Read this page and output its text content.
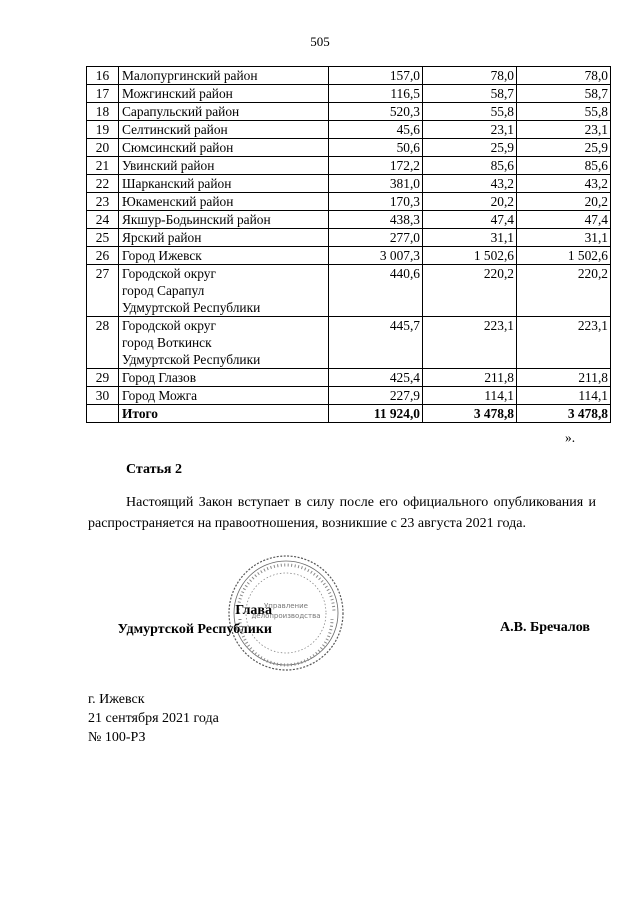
505
16	Малопургинский район	157,0	78,0	78,0
17	Можгинский район	116,5	58,7	58,7
18	Сарапульский район	520,3	55,8	55,8
19	Селтинский район	45,6	23,1	23,1
20	Сюмсинский район	50,6	25,9	25,9
21	Увинский район	172,2	85,6	85,6
22	Шарканский район	381,0	43,2	43,2
23	Юкаменский район	170,3	20,2	20,2
24	Якшур-Бодьинский район	438,3	47,4	47,4
25	Ярский район	277,0	31,1	31,1
26	Город Ижевск	3 007,3	1 502,6	1 502,6
27	Городской округ
город Сарапул
Удмуртской Республики	440,6	220,2	220,2
28	Городской округ
город Воткинск
Удмуртской Республики	445,7	223,1	223,1
29	Город Глазов	425,4	211,8	211,8
30	Город Можга	227,9	114,1	114,1
	Итого	11 924,0	3 478,8	3 478,8
».
Статья 2
Настоящий Закон вступает в силу после его официального опубликования и распространяется на правоотношения, возникшие с 23 августа 2021 года.
Управление
делопроизводства
Глава
Удмуртской Республики	А.В. Бречалов
г. Ижевск
21 сентября 2021 года
№ 100-РЗ
